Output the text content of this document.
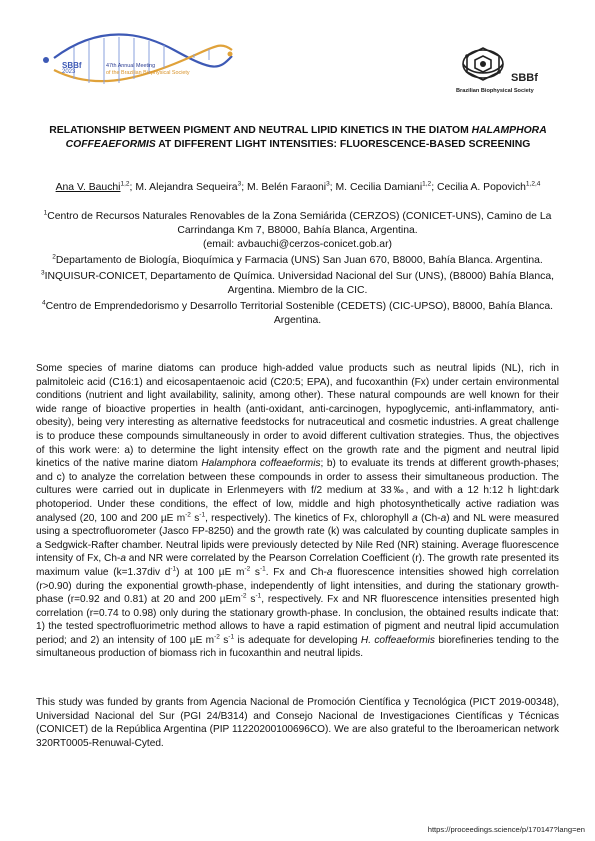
SBBf
2023
47th Annual Meeting
of the Brazilian Biophysical Society	SBBf
Brazilian Biophysical Society
RELATIONSHIP BETWEEN PIGMENT AND NEUTRAL LIPID KINETICS IN THE DIATOM HALAMPHORA COFFEAEFORMIS AT DIFFERENT LIGHT INTENSITIES: FLUORESCENCE-BASED SCREENING
Ana V. Bauchi$^{1,2}$; M. Alejandra Sequeira$^3$; M. Belén Faraoni$^3$; M. Cecilia Damiani$^{1,2}$; Cecilia A. Popovich$^{1,2,4}$

$^1$Centro de Recursos Naturales Renovables de la Zona Semiárida (CERZOS) (CONICET-UNS), Camino de La Carrindanga Km 7, B8000, Bahía Blanca, Argentina.

(email: avbauchi@cerzos-conicet.gob.ar)

$^2$Departamento de Biología, Bioquímica y Farmacia (UNS) San Juan 670, B8000, Bahía Blanca. Argentina.

$^3$INQUISUR-CONICET, Departamento de Química. Universidad Nacional del Sur (UNS), (B8000) Bahía Blanca, Argentina. Miembro de la CIC.

$^4$Centro de Emprendedorismo y Desarrollo Territorial Sostenible (CEDETS) (CIC-UPSO), B8000, Bahía Blanca. Argentina.

Some species of marine diatoms can produce high-added value products such as neutral lipids (NL), rich in palmitoleic acid (C16:1) and eicosapentaenoic acid (C20:5; EPA), and fucoxanthin (Fx) under certain environmental conditions (nutrient and light availability, salinity, among other). These natural compounds are well known for their wide range of bioactive properties in health (anti-oxidant, anti-carcinogen, hypoglycemic, anti-inflammatory, anti-obesity), being very interesting as alternative feedstocks for nutraceutical and cosmetic industries. A great challenge is to produce these compounds simultaneously in order to avoid different cultivation strategies. Thus, the objectives of this work were: a) to determine the light intensity effect on the growth rate and the pigment and neutral lipid kinetics of the native marine diatom Halamphora coffeaeformis; b) to evaluate its trends at different growth-phases; and c) to analyze the correlation between these compounds in order to assess their simultaneous production. The cultures were carried out in duplicate in Erlenmeyers with f/2 medium at 33‰, and with a 12 h:12 h light:dark photoperiod. Under these conditions, the effect of low, middle and high photosynthetically active radiation was analysed (20, 100 and 200 µE $m^{-2}$ $s^{-1}$, respectively). The kinetics of Fx, chlorophyll a (Ch-a) and NL were measured using a spectrofluorometer (Jasco FP-8250) and the growth rate (k) was calculated by counting duplicate samples in a Sedgwick-Rafter chamber. Neutral lipids were previously detected by Nile Red (NR) staining. Average fluorescence intensity of Fx, Ch-a and NR were correlated by the Pearson Correlation Coefficient (r). The growth rate presented its maximum value (k=1.37div $d^{-1}$) at 100 µE $m^{-2}$ $s^{-1}$. Fx and Ch-a fluorescence intensities showed high correlation (r>0.90) during the exponential growth-phase, independently of light intensities, and during the stationary growth-phase (r=0.92 and 0.81) at 20 and 200 µEm$^{-2}$ $s^{-1}$, respectively. Fx and NR fluorescence intensities presented high correlation (r=0.74 to 0.98) only during the stationary growth-phase. In conclusion, the obtained results indicate that: 1) the tested spectrofluorimetric method allows to have a rapid estimation of pigment and neutral lipid accumulation period; and 2) an intensity of 100 µE $m^{-2}$ $s^{-1}$ is adequate for developing H. coffeaeformis biorefineries tending to the simultaneous production of biomass rich in fucoxanthin and neutral lipids.

This study was funded by grants from Agencia Nacional de Promoción Científica y Tecnológica (PICT 2019-00348), Universidad Nacional del Sur (PGI 24/B314) and Consejo Nacional de Investigaciones Científicas y Técnicas (CONICET) de la República Argentina (PIP 11220200100696CO). We are also grateful to the Iberoamerican network 320RT0005-Renuwal-Cyted.

https://proceedings.science/p/170147?lang=en
